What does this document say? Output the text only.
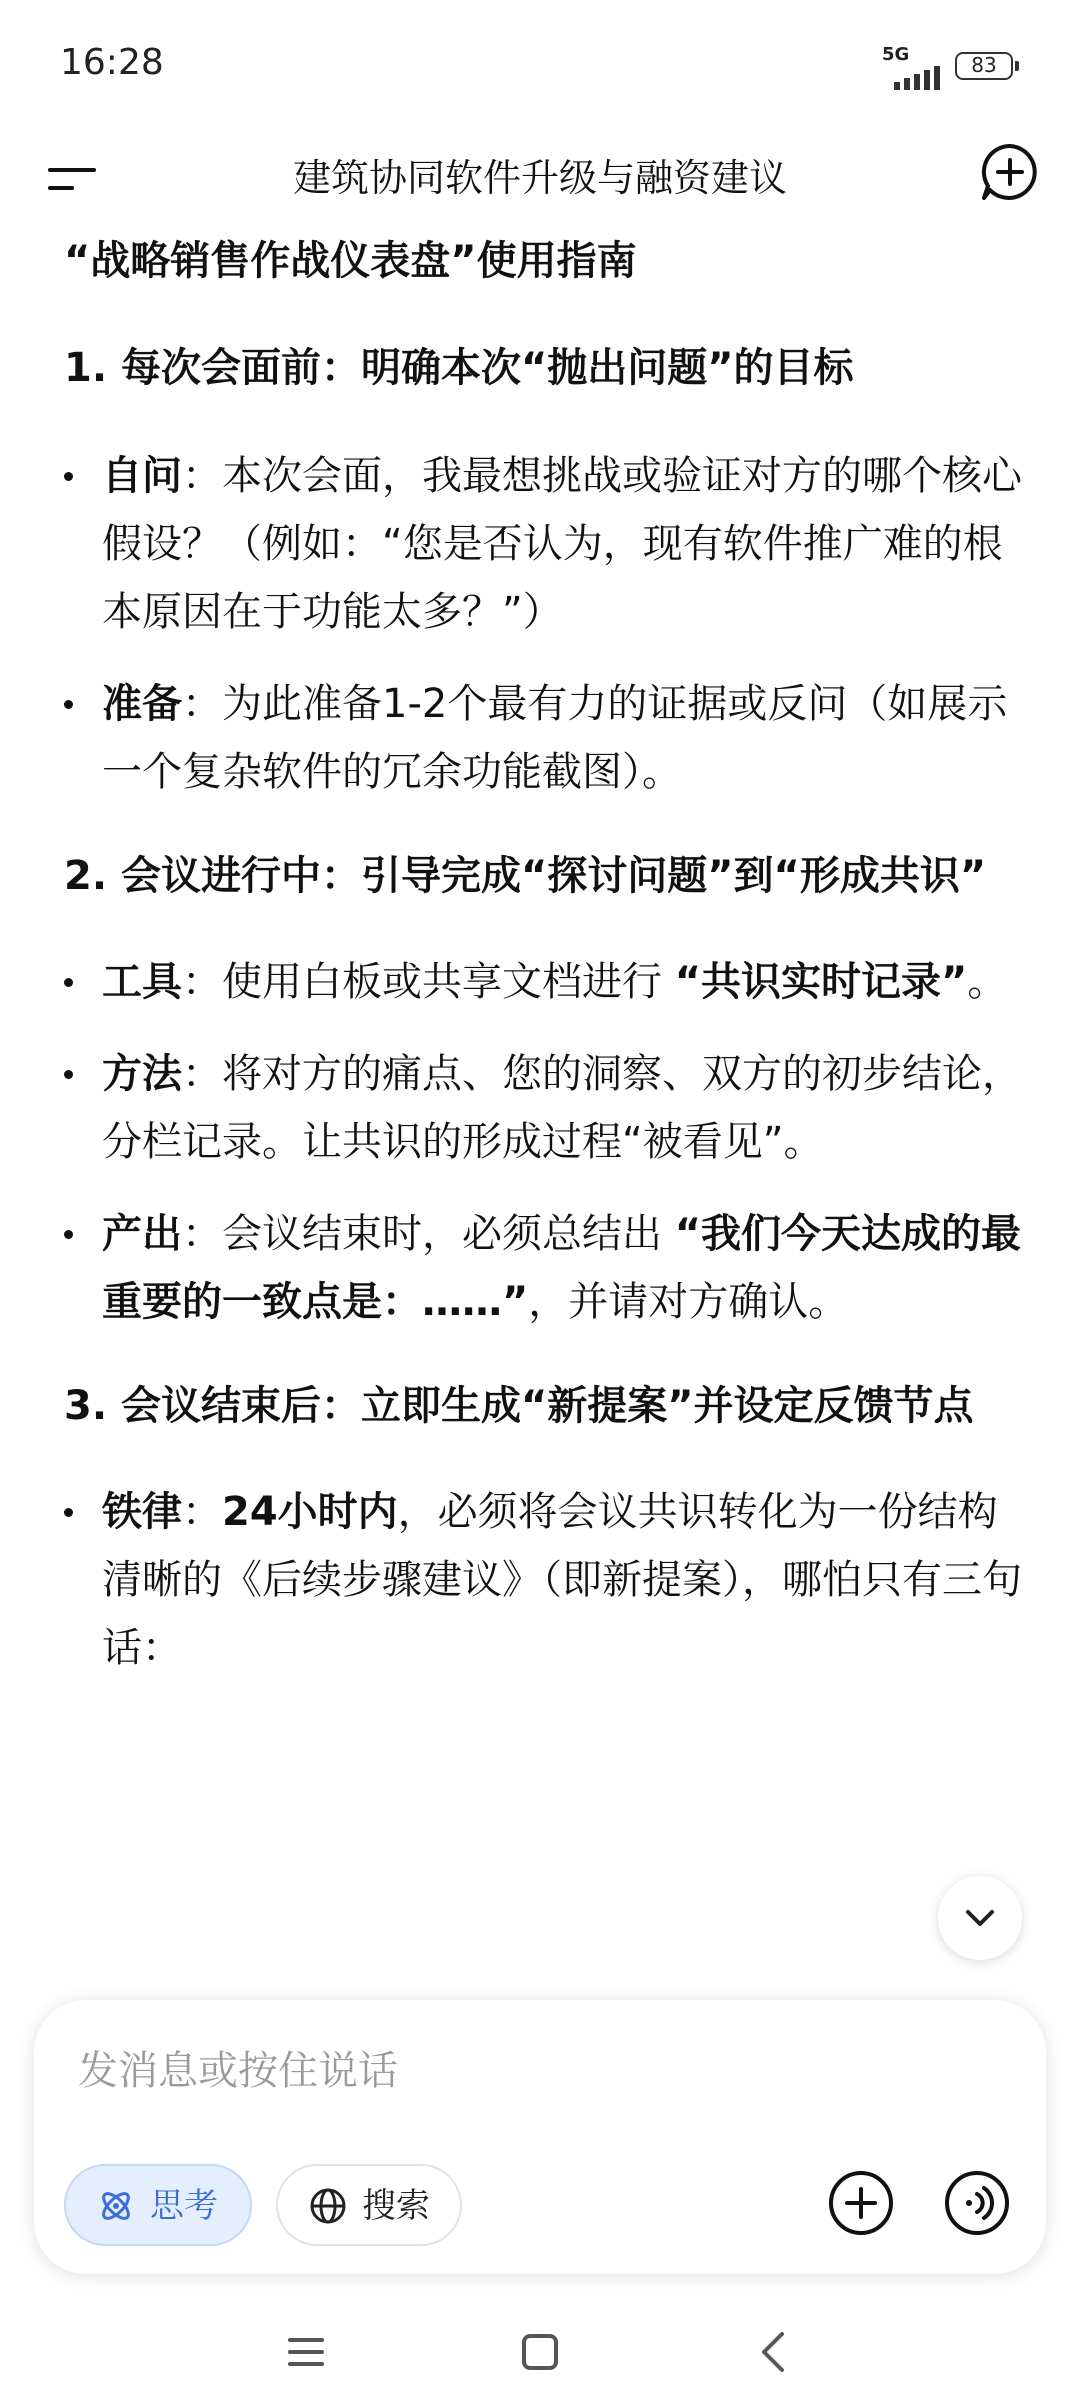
16:28	5G	83
建筑协同软件升级与融资建议
“战略销售作战仪表盘”使用指南
1. 每次会面前：明确本次“抛出问题”的目标
自问：本次会面，我最想挑战或验证对方的哪个核心假设？（例如：“您是否认为，现有软件推广难的根本原因在于功能太多？”）
准备：为此准备1-2个最有力的证据或反问（如展示一个复杂软件的冗余功能截图）。
2. 会议进行中：引导完成“探讨问题”到“形成共识”
工具：使用白板或共享文档进行 “共识实时记录”。
方法：将对方的痛点、您的洞察、双方的初步结论，分栏记录。让共识的形成过程“被看见”。
产出：会议结束时，必须总结出 “我们今天达成的最重要的一致点是：……”，并请对方确认。
3. 会议结束后：立即生成“新提案”并设定反馈节点
铁律：24小时内，必须将会议共识转化为一份结构清晰的《后续步骤建议》（即新提案），哪怕只有三句话：
发消息或按住说话
思考	搜索
